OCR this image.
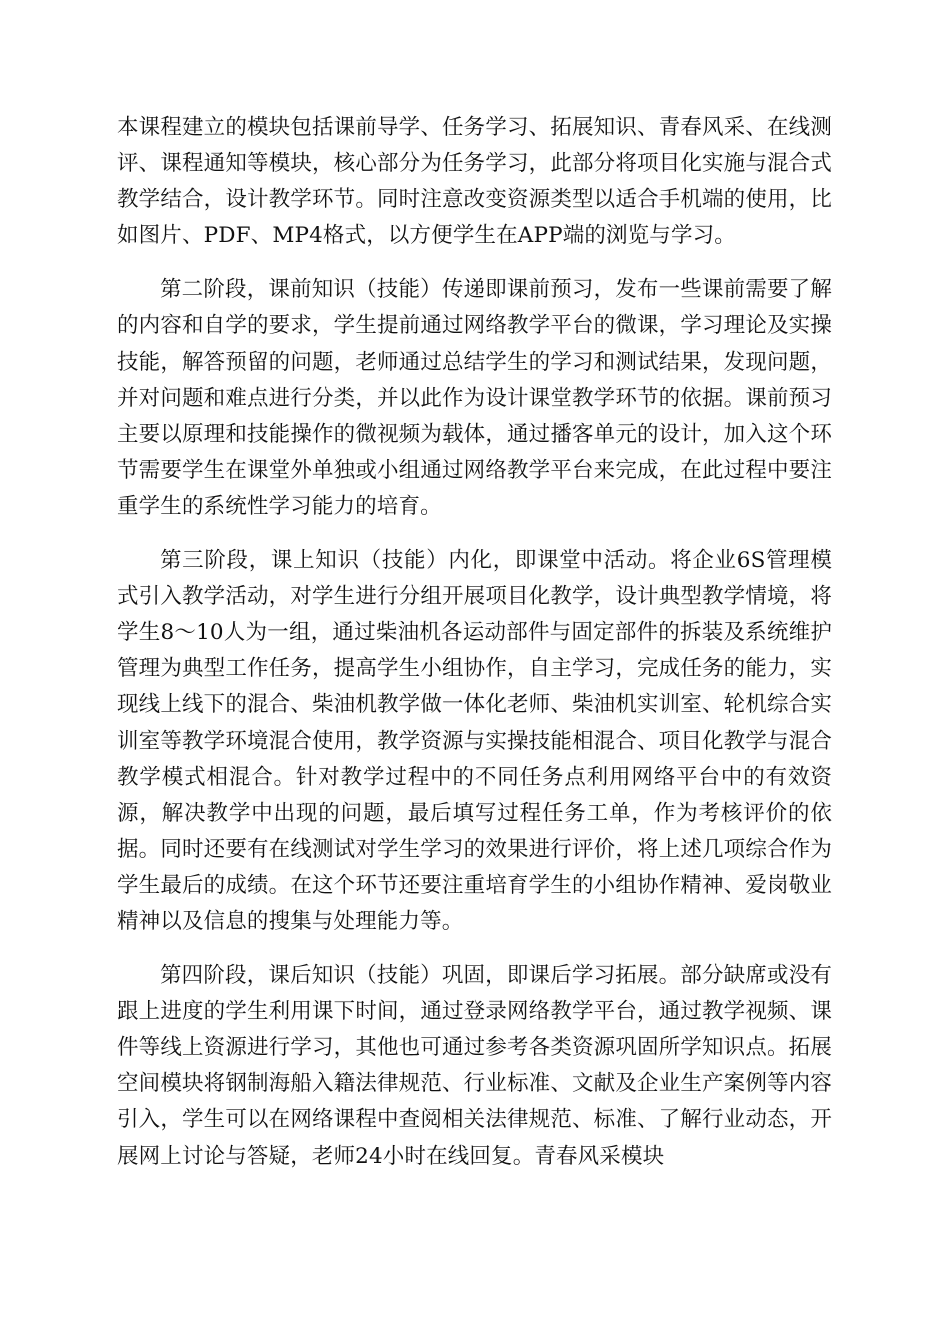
本课程建立的模块包括课前导学、任务学习、拓展知识、青春风采、在线测评、课程通知等模块，核心部分为任务学习，此部分将项目化实施与混合式教学结合，设计教学环节。同时注意改变资源类型以适合手机端的使用，比如图片、PDF、MP4格式，以方便学生在APP端的浏览与学习。

第二阶段，课前知识（技能）传递即课前预习，发布一些课前需要了解的内容和自学的要求，学生提前通过网络教学平台的微课，学习理论及实操技能，解答预留的问题，老师通过总结学生的学习和测试结果，发现问题，并对问题和难点进行分类，并以此作为设计课堂教学环节的依据。课前预习主要以原理和技能操作的微视频为载体，通过播客单元的设计，加入这个环节需要学生在课堂外单独或小组通过网络教学平台来完成，在此过程中要注重学生的系统性学习能力的培育。

第三阶段，课上知识（技能）内化，即课堂中活动。将企业6S管理模式引入教学活动，对学生进行分组开展项目化教学，设计典型教学情境，将学生8～10人为一组，通过柴油机各运动部件与固定部件的拆装及系统维护管理为典型工作任务，提高学生小组协作，自主学习，完成任务的能力，实现线上线下的混合、柴油机教学做一体化老师、柴油机实训室、轮机综合实训室等教学环境混合使用，教学资源与实操技能相混合、项目化教学与混合教学模式相混合。针对教学过程中的不同任务点利用网络平台中的有效资源，解决教学中出现的问题，最后填写过程任务工单，作为考核评价的依据。同时还要有在线测试对学生学习的效果进行评价，将上述几项综合作为学生最后的成绩。在这个环节还要注重培育学生的小组协作精神、爱岗敬业精神以及信息的搜集与处理能力等。

第四阶段，课后知识（技能）巩固，即课后学习拓展。部分缺席或没有跟上进度的学生利用课下时间，通过登录网络教学平台，通过教学视频、课件等线上资源进行学习，其他也可通过参考各类资源巩固所学知识点。拓展空间模块将钢制海船入籍法律规范、行业标准、文献及企业生产案例等内容引入，学生可以在网络课程中查阅相关法律规范、标准、了解行业动态，开展网上讨论与答疑，老师24小时在线回复。青春风采模块
